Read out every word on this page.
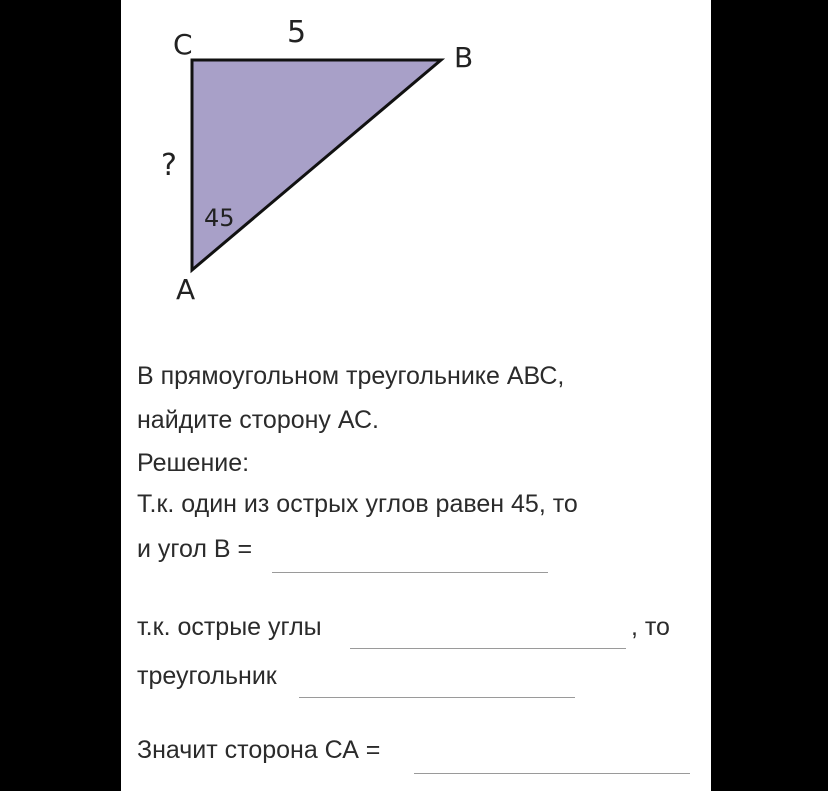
C	B
A
5
?
45
В прямоугольном треугольнике АВС,
найдите сторону АС.
Решение:
Т.к. один из острых углов равен 45, то
и угол В =
т.к. острые углы	, то
треугольник
Значит сторона СА =
